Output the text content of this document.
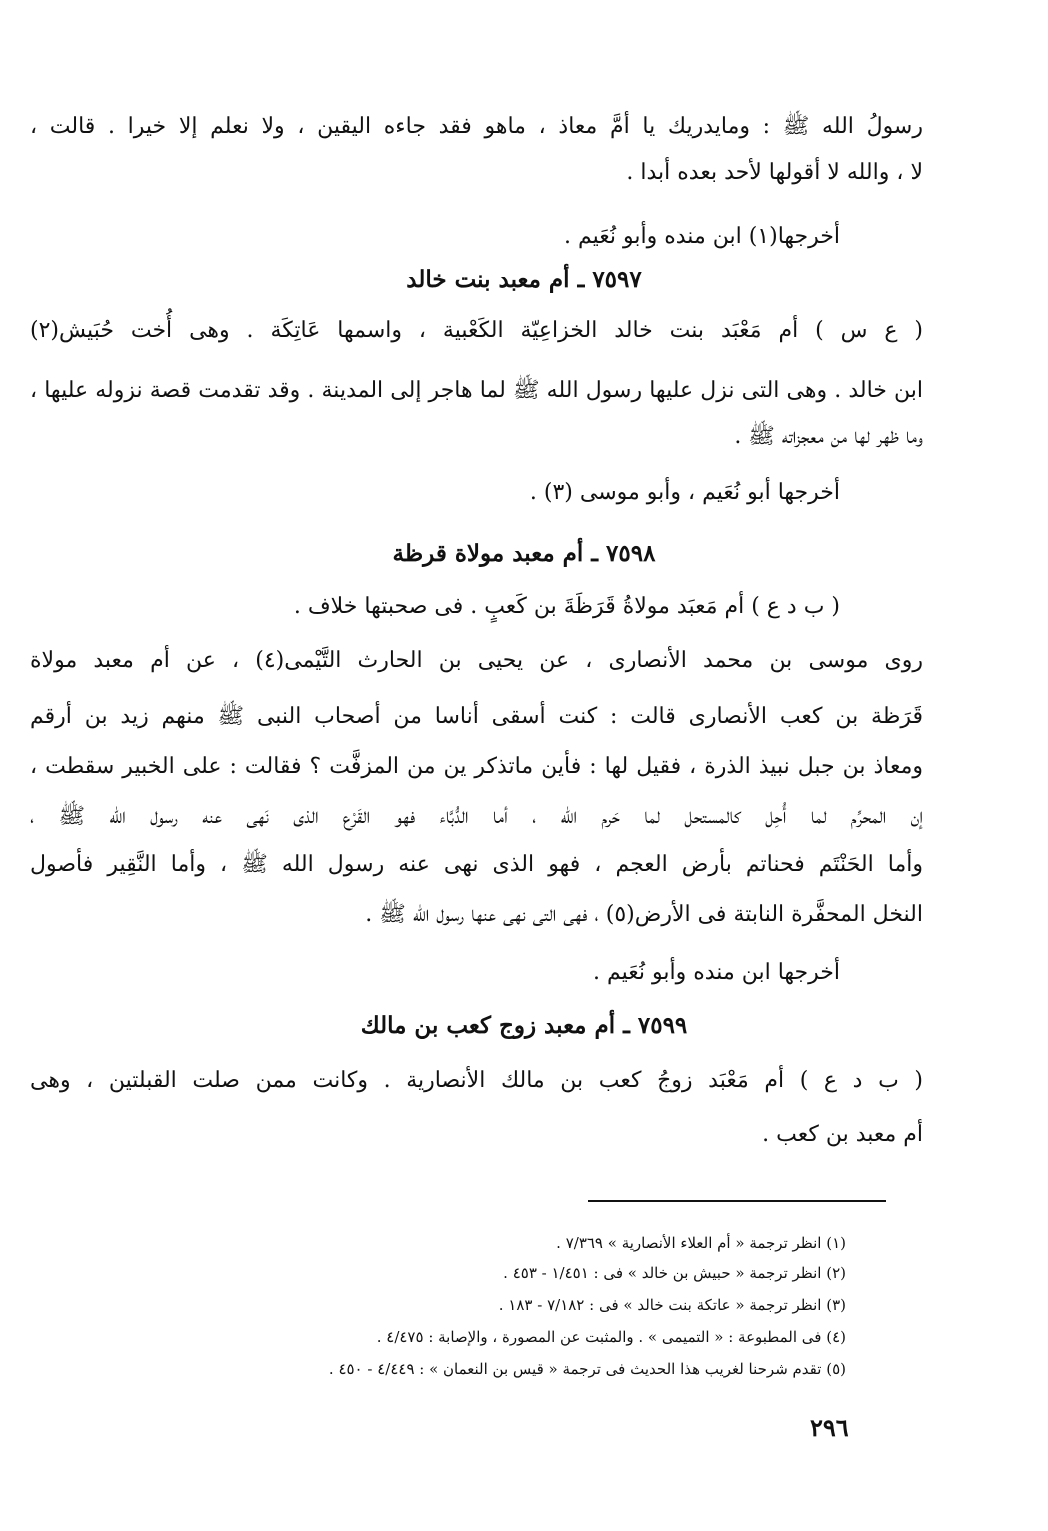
رسولُ الله ﷺ : ومايدريك يا أمَّ معاذ ، ماهو فقد جاءه اليقين ، ولا نعلم إلا خيرا . قالت ،
لا ، والله لا أقولها لأحد بعده أبدا .
أخرجها(١) ابن منده وأبو نُعَيم .
٧٥٩٧ ـ أم معبد بنت خالد
( ع س ) أم مَعْبَد بنت خالد الخزاعِيّة الكَعْبية ، واسمها عَاتِكَة . وهى أُخت حُبَيش(٢)
ابن خالد . وهى التى نزل عليها رسول الله ﷺ لما هاجر إلى المدينة . وقد تقدمت قصة نزوله عليها ،
وما ظهر لها من معجزاته ﷺ .
أخرجها أبو نُعَيم ، وأبو موسى (٣) .
٧٥٩٨ ـ أم معبد مولاة قرظة
( ب د ع ) أم مَعبَد مولاةُ قَرَظَةَ بن كَعبٍ . فى صحبتها خلاف .
روى موسى بن محمد الأنصارى ، عن يحيى بن الحارث التَّيْمى(٤) ، عن أم معبد مولاة
قَرَظة بن كعب الأنصارى قالت : كنت أسقى أناسا من أصحاب النبى ﷺ منهم زيد بن أرقم
ومعاذ بن جبل نبيذ الذرة ، فقيل لها : فأين ماتذكر ين من المزفَّت ؟ فقالت : على الخبير سقطت ،
إن المحرِّم لما أُحِل كالمستحل لما حَرم الله ، أما الدُّبَّاء فهو القَرْع الذى نَهى عنه رسول الله ﷺ ،
وأما الحَنْتَم فحناتم بأرض العجم ، فهو الذى نهى عنه رسول الله ﷺ ، وأما النَّقِير فأصول
النخل المحفَّرة النابتة فى الأرض(٥) ، فهى التى نهى عنها رسول الله ﷺ .
أخرجها ابن منده وأبو نُعَيم .
٧٥٩٩ ـ أم معبد زوج كعب بن مالك
( ب د ع ) أم مَعْبَد زوجُ كعب بن مالك الأنصارية . وكانت ممن صلت القبلتين ، وهى
أم معبد بن كعب .
(١) انظر ترجمة « أم العلاء الأنصارية » ٧/٣٦٩ .
(٢) انظر ترجمة « حبيش بن خالد » فى : ١/٤٥١ - ٤٥٣ .
(٣) انظر ترجمة « عاتكة بنت خالد » فى : ٧/١٨٢ - ١٨٣ .
(٤) فى المطبوعة : « التميمى » . والمثبت عن المصورة ، والإصابة : ٤/٤٧٥ .
(٥) تقدم شرحنا لغريب هذا الحديث فى ترجمة « قيس بن النعمان » : ٤/٤٤٩ - ٤٥٠ .
٢٩٦
